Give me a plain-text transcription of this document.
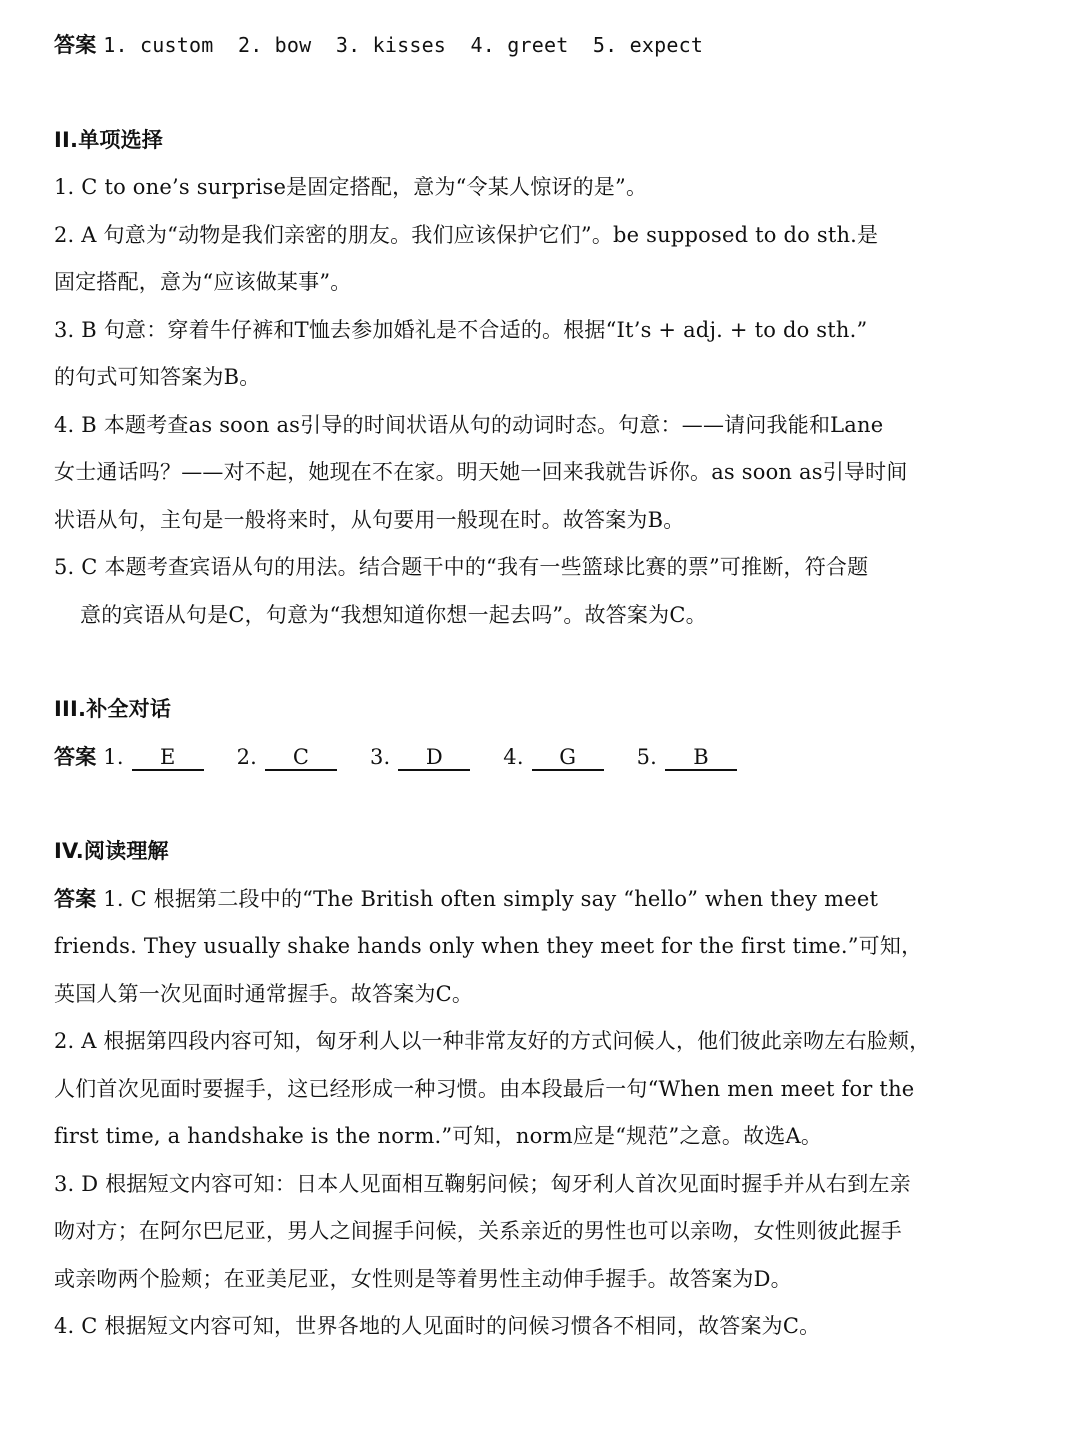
答案 1. custom  2. bow  3. kisses  4. greet  5. expect
II.单项选择
1. C to one’s surprise是固定搭配，意为“令某人惊讶的是”。
2. A 句意为“动物是我们亲密的朋友。我们应该保护它们”。be supposed to do sth.是
固定搭配，意为“应该做某事”。
3. B 句意：穿着牛仔裤和T恤去参加婚礼是不合适的。根据“It’s + adj. + to do sth.”
的句式可知答案为B。
4. B 本题考查as soon as引导的时间状语从句的动词时态。句意：——请问我能和Lane
女士通话吗？——对不起，她现在不在家。明天她一回来我就告诉你。as soon as引导时间
状语从句，主句是一般将来时，从句要用一般现在时。故答案为B。
5. C 本题考查宾语从句的用法。结合题干中的“我有一些篮球比赛的票”可推断，符合题
意的宾语从句是C，句意为“我想知道你想一起去吗”。故答案为C。
III.补全对话
答案 1. E	2. C	3. D	4. G	5. B
IV.阅读理解
答案 1. C 根据第二段中的“The British often simply say “hello” when they meet
friends. They usually shake hands only when they meet for the first time.”可知，
英国人第一次见面时通常握手。故答案为C。
2. A 根据第四段内容可知，匈牙利人以一种非常友好的方式问候人，他们彼此亲吻左右脸颊，
人们首次见面时要握手，这已经形成一种习惯。由本段最后一句“When men meet for the
first time, a handshake is the norm.”可知，norm应是“规范”之意。故选A。
3. D 根据短文内容可知：日本人见面相互鞠躬问候；匈牙利人首次见面时握手并从右到左亲
吻对方；在阿尔巴尼亚，男人之间握手问候，关系亲近的男性也可以亲吻，女性则彼此握手
或亲吻两个脸颊；在亚美尼亚，女性则是等着男性主动伸手握手。故答案为D。
4. C 根据短文内容可知，世界各地的人见面时的问候习惯各不相同，故答案为C。
